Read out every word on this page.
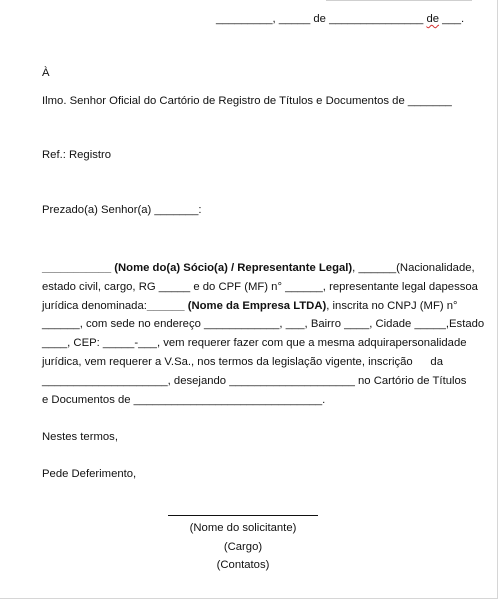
_________, _____ de _______________ de ___.
À
Ilmo. Senhor Oficial do Cartório de Registro de Títulos e Documentos de _______
Ref.: Registro
Prezado(a) Senhor(a) _______:
___________ (Nome do(a) Sócio(a) / Representante Legal), ______ (Nacionalidade,
estado civil, cargo, RG _____ e do CPF (MF) n° ______, representante legal da pessoa
jurídica denominada: ______ (Nome da Empresa LTDA), inscrita no CNPJ (MF) n°
______, com sede no endereço ____________, ___, Bairro ____, Cidade _____, Estado
____, CEP: _____-___, vem requerer fazer com que a mesma adquira personalidade
jurídica, vem requerer a V.Sa., nos termos da legislação vigente, inscrição da
____________________, desejando ____________________ no Cartório de Títulos
e Documentos de ______________________________.
Nestes termos,
Pede Deferimento,
(Nome do solicitante)
(Cargo)
(Contatos)
